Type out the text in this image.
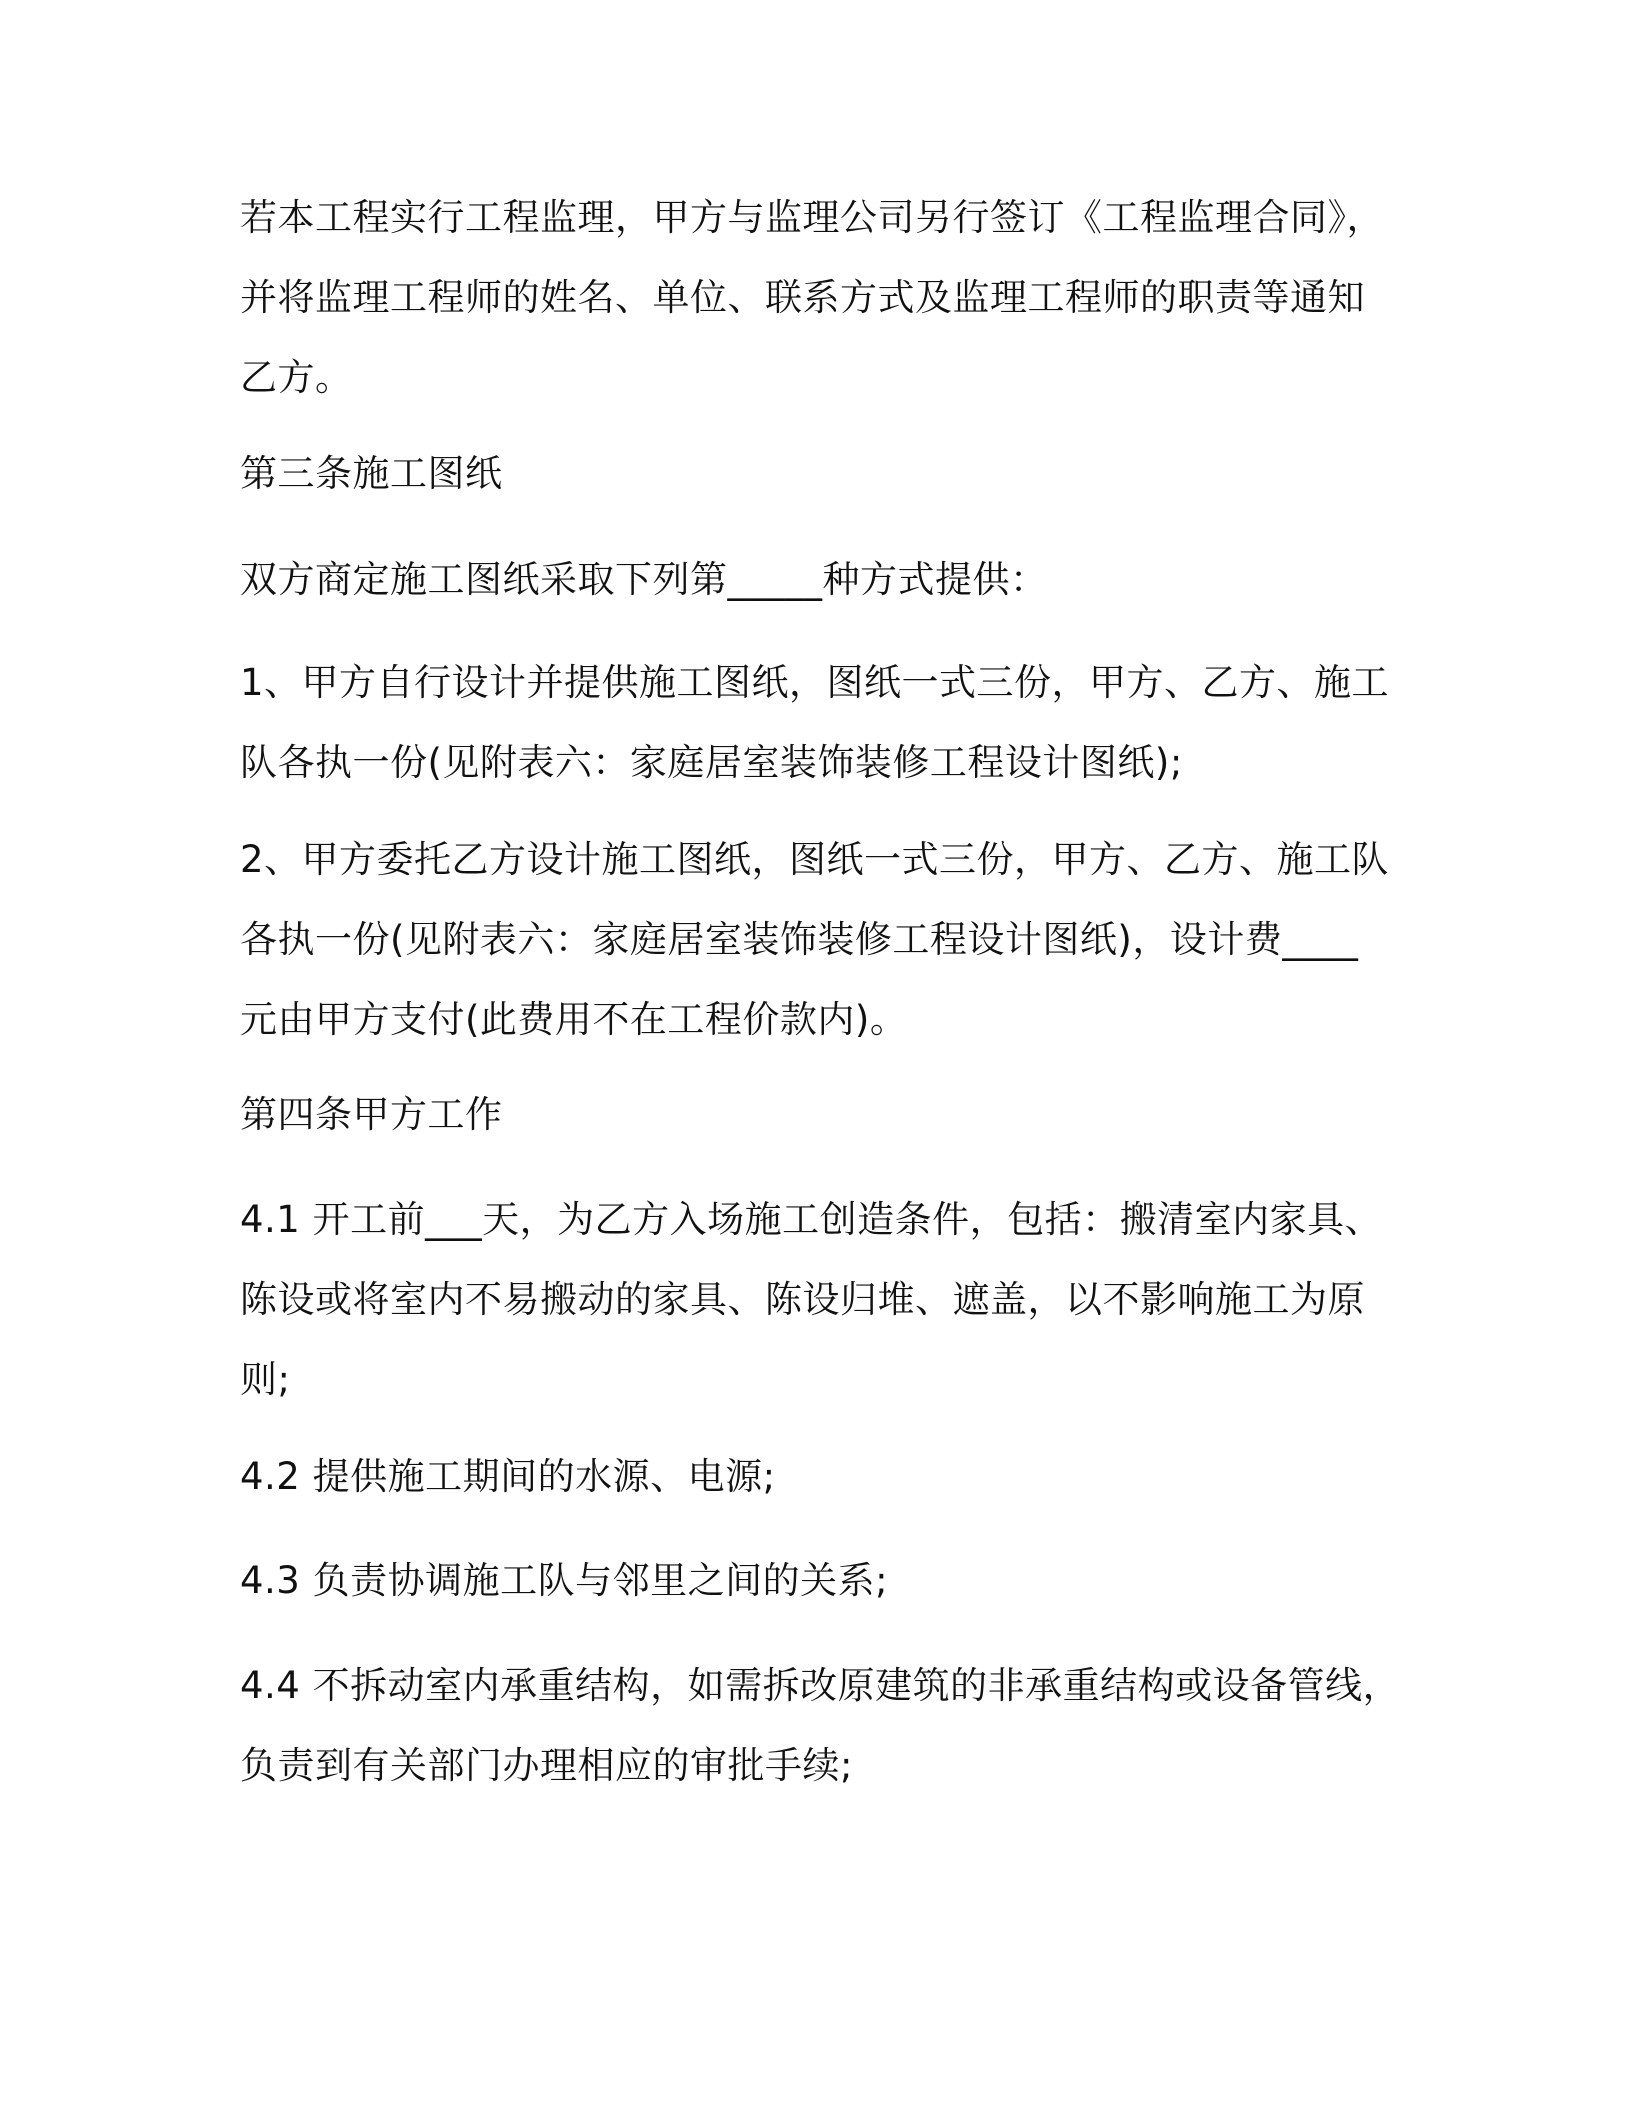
若本工程实行工程监理，甲方与监理公司另行签订《工程监理合同》，
并将监理工程师的姓名、单位、联系方式及监理工程师的职责等通知
乙方。

第三条施工图纸

双方商定施工图纸采取下列第_____种方式提供：

1、甲方自行设计并提供施工图纸，图纸一式三份，甲方、乙方、施工
队各执一份(见附表六：家庭居室装饰装修工程设计图纸);

2、甲方委托乙方设计施工图纸，图纸一式三份，甲方、乙方、施工队
各执一份(见附表六：家庭居室装饰装修工程设计图纸)，设计费____
元由甲方支付(此费用不在工程价款内)。

第四条甲方工作

4.1 开工前___天，为乙方入场施工创造条件，包括：搬清室内家具、
陈设或将室内不易搬动的家具、陈设归堆、遮盖，以不影响施工为原
则;

4.2 提供施工期间的水源、电源;

4.3 负责协调施工队与邻里之间的关系;

4.4 不拆动室内承重结构，如需拆改原建筑的非承重结构或设备管线，
负责到有关部门办理相应的审批手续;
